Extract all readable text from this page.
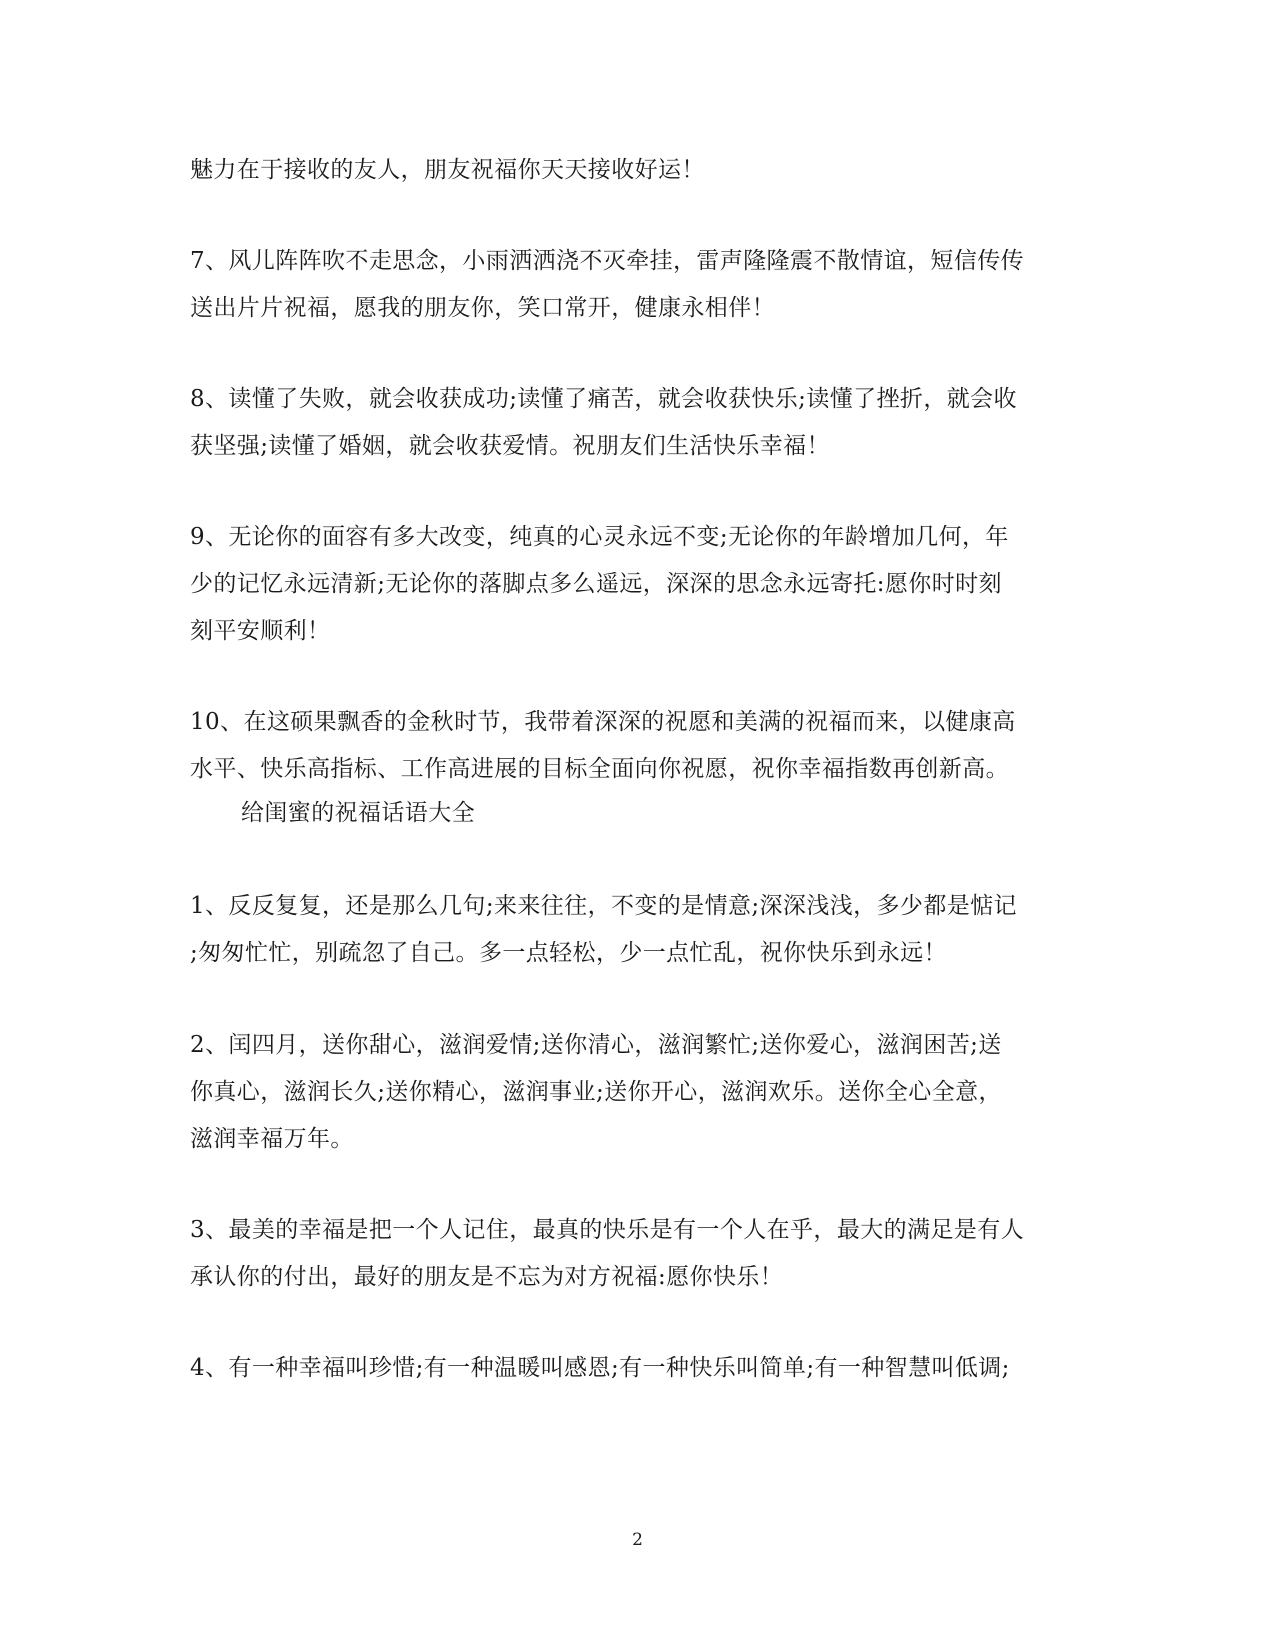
魅力在于接收的友人，朋友祝福你天天接收好运！
7、风儿阵阵吹不走思念，小雨洒洒浇不灭牵挂，雷声隆隆震不散情谊，短信传传
送出片片祝福，愿我的朋友你，笑口常开，健康永相伴！
8、读懂了失败，就会收获成功;读懂了痛苦，就会收获快乐;读懂了挫折，就会收
获坚强;读懂了婚姻，就会收获爱情。祝朋友们生活快乐幸福！
9、无论你的面容有多大改变，纯真的心灵永远不变;无论你的年龄增加几何，年
少的记忆永远清新;无论你的落脚点多么遥远，深深的思念永远寄托:愿你时时刻
刻平安顺利！
10、在这硕果飘香的金秋时节，我带着深深的祝愿和美满的祝福而来，以健康高
水平、快乐高指标、工作高进展的目标全面向你祝愿，祝你幸福指数再创新高。
给闺蜜的祝福话语大全
1、反反复复，还是那么几句;来来往往，不变的是情意;深深浅浅，多少都是惦记
;匆匆忙忙，别疏忽了自己。多一点轻松，少一点忙乱，祝你快乐到永远！
2、闰四月，送你甜心，滋润爱情;送你清心，滋润繁忙;送你爱心，滋润困苦;送
你真心，滋润长久;送你精心，滋润事业;送你开心，滋润欢乐。送你全心全意，
滋润幸福万年。
3、最美的幸福是把一个人记住，最真的快乐是有一个人在乎，最大的满足是有人
承认你的付出，最好的朋友是不忘为对方祝福:愿你快乐！
4、有一种幸福叫珍惜;有一种温暖叫感恩;有一种快乐叫简单;有一种智慧叫低调;
2
